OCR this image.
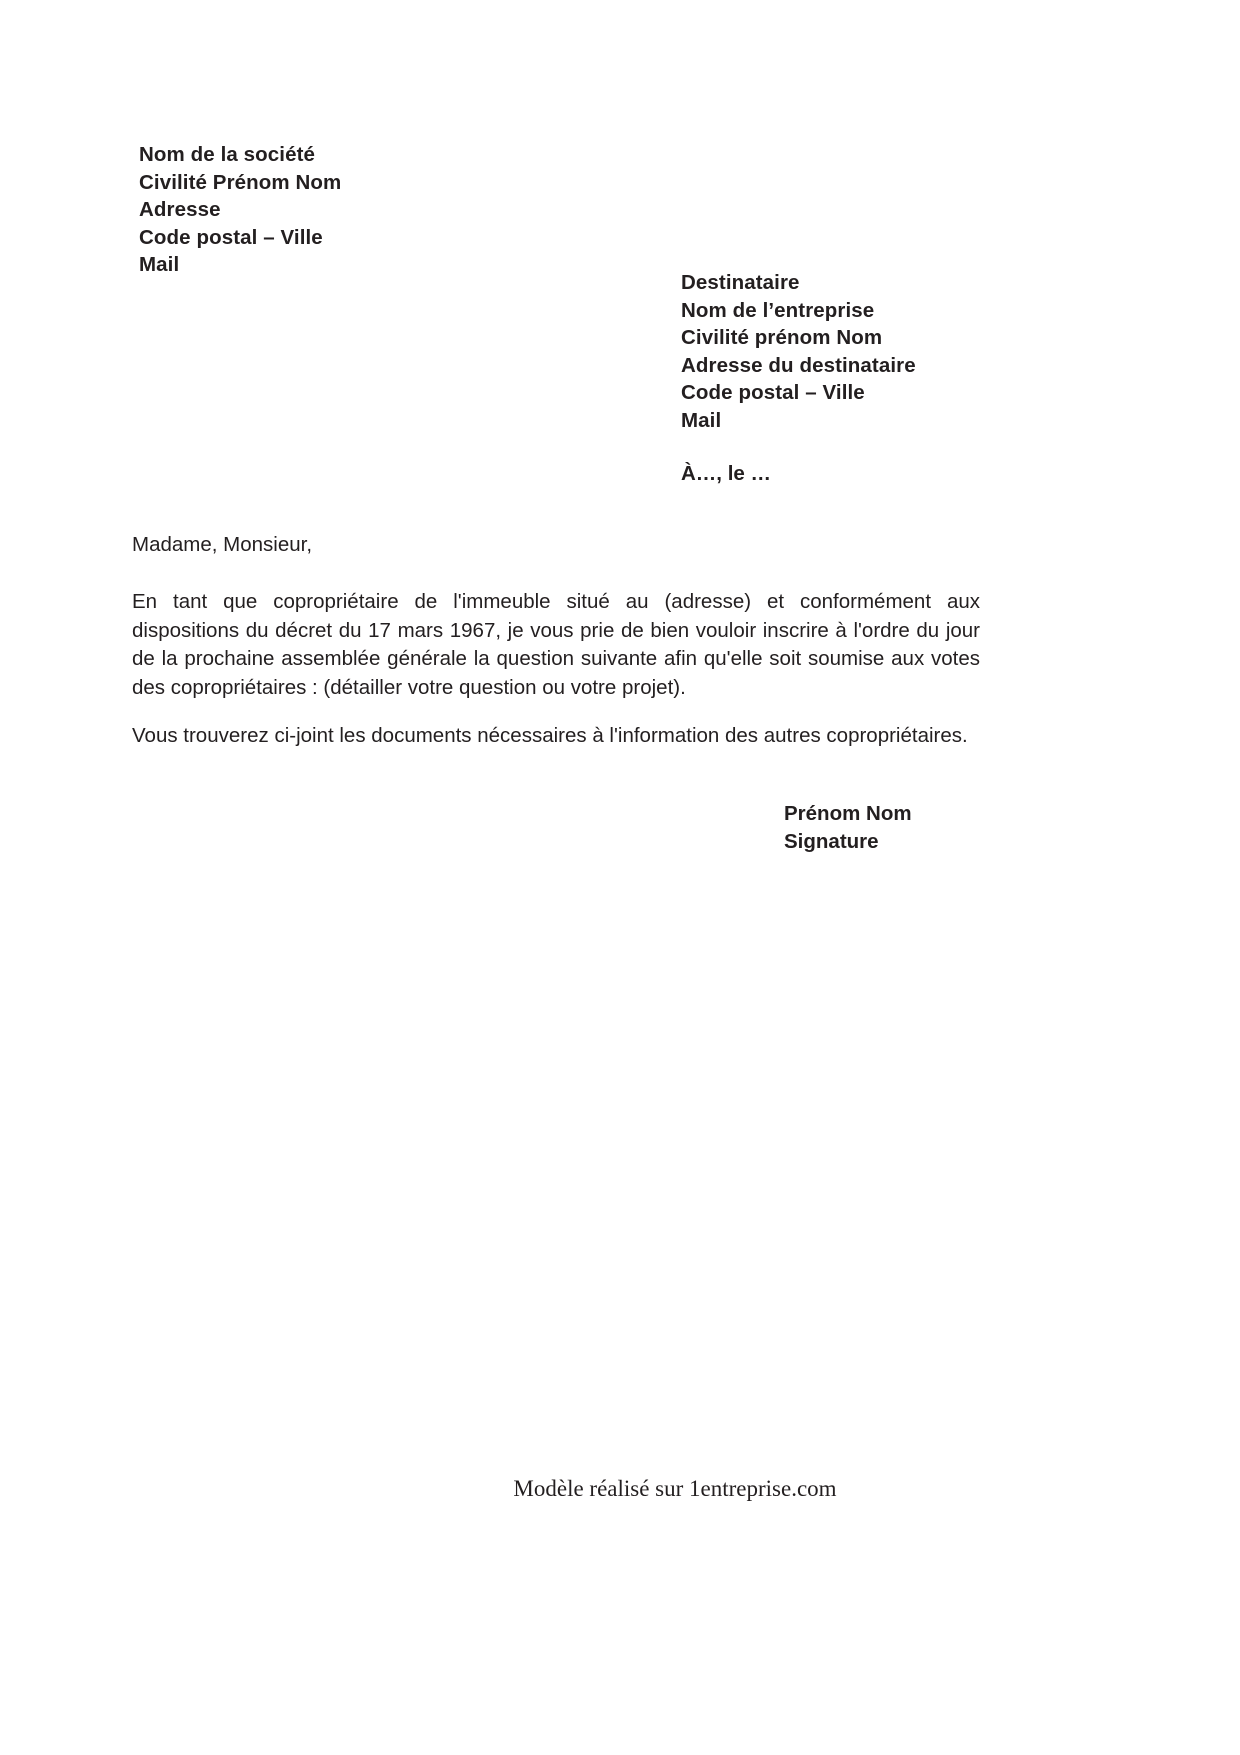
Nom de la société
Civilité Prénom Nom
Adresse
Code postal – Ville
Mail
Destinataire
Nom de l’entreprise
Civilité prénom Nom
Adresse du destinataire
Code postal – Ville
Mail
À…, le …
Madame, Monsieur,
En tant que copropriétaire de l'immeuble situé au (adresse) et conformément aux dispositions du décret du 17 mars 1967, je vous prie de bien vouloir inscrire à l'ordre du jour de la prochaine assemblée générale la question suivante afin qu'elle soit soumise aux votes des copropriétaires : (détailler votre question ou votre projet).
Vous trouverez ci-joint les documents nécessaires à l'information des autres copropriétaires.
Prénom Nom
Signature
Modèle réalisé sur 1entreprise.com
